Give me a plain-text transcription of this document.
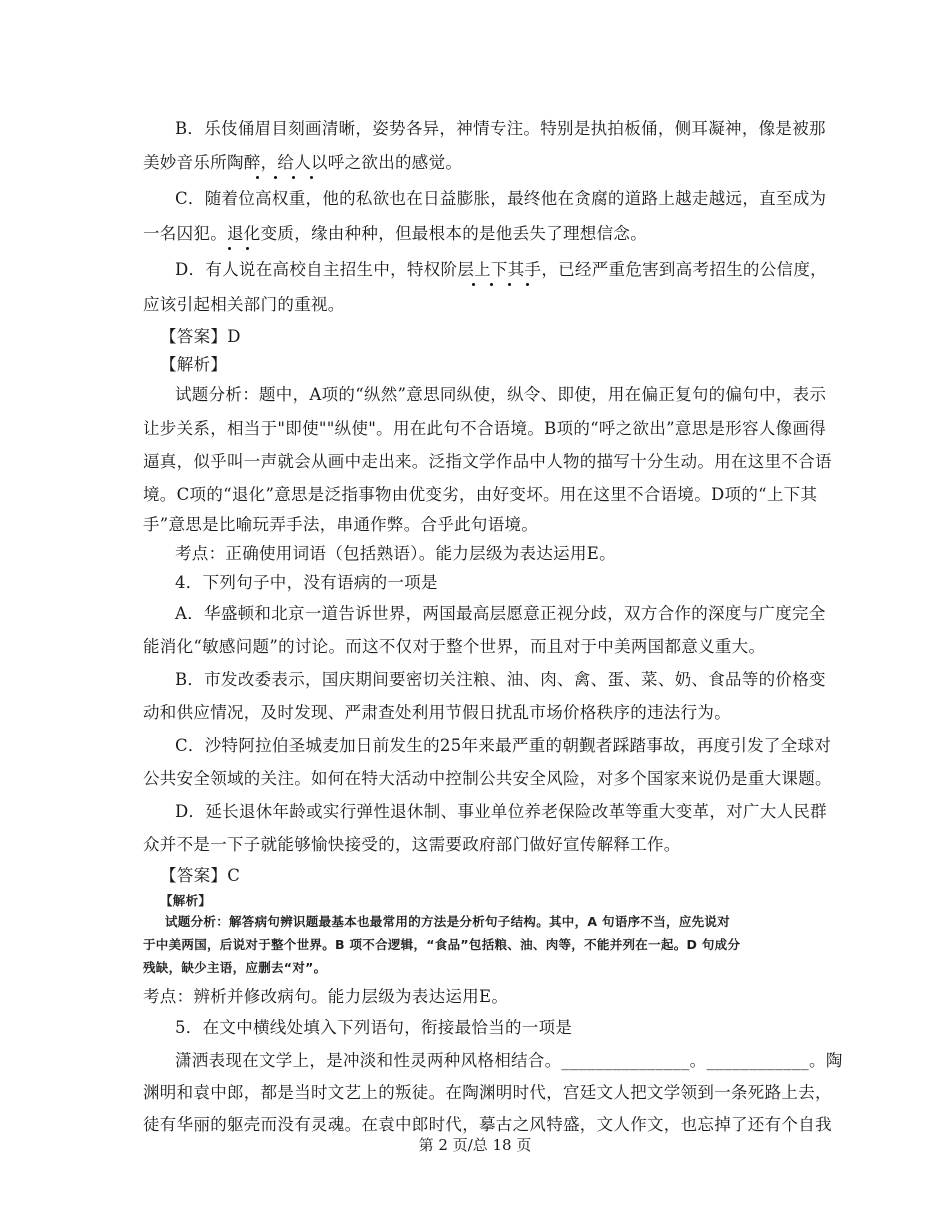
B．乐伎俑眉目刻画清晰，姿势各异，神情专注。特别是执拍板俑，侧耳凝神，像是被那
美妙音乐所陶醉，给人以呼之欲出的感觉。
C．随着位高权重，他的私欲也在日益膨胀，最终他在贪腐的道路上越走越远，直至成为
一名囚犯。退化变质，缘由种种，但最根本的是他丢失了理想信念。
D．有人说在高校自主招生中，特权阶层上下其手，已经严重危害到高考招生的公信度，
应该引起相关部门的重视。
【答案】D
【解析】
试题分析：题中，A项的“纵然”意思同纵使，纵令、即使，用在偏正复句的偏句中，表示
让步关系，相当于"即使""纵使"。用在此句不合语境。B项的“呼之欲出”意思是形容人像画得
逼真，似乎叫一声就会从画中走出来。泛指文学作品中人物的描写十分生动。用在这里不合语
境。C项的“退化”意思是泛指事物由优变劣，由好变坏。用在这里不合语境。D项的“上下其
手”意思是比喻玩弄手法，串通作弊。合乎此句语境。
考点：正确使用词语（包括熟语）。能力层级为表达运用E。
4．下列句子中，没有语病的一项是
A．华盛顿和北京一道告诉世界，两国最高层愿意正视分歧，双方合作的深度与广度完全
能消化“敏感问题”的讨论。而这不仅对于整个世界，而且对于中美两国都意义重大。
B．市发改委表示，国庆期间要密切关注粮、油、肉、禽、蛋、菜、奶、食品等的价格变
动和供应情况，及时发现、严肃查处利用节假日扰乱市场价格秩序的违法行为。
C．沙特阿拉伯圣城麦加日前发生的25年来最严重的朝觐者踩踏事故，再度引发了全球对
公共安全领域的关注。如何在特大活动中控制公共安全风险，对多个国家来说仍是重大课题。
D．延长退休年龄或实行弹性退休制、事业单位养老保险改革等重大变革，对广大人民群
众并不是一下子就能够愉快接受的，这需要政府部门做好宣传解释工作。
【答案】C
【解析】
试题分析：解答病句辨识题最基本也最常用的方法是分析句子结构。其中，A 句语序不当，应先说对
于中美两国，后说对于整个世界。B 项不合逻辑，“食品”包括粮、油、肉等，不能并列在一起。D 句成分
残缺，缺少主语，应删去“对”。
考点：辨析并修改病句。能力层级为表达运用E。
5．在文中横线处填入下列语句，衔接最恰当的一项是
潇洒表现在文学上，是冲淡和性灵两种风格相结合。_______________。____________。陶
渊明和袁中郎，都是当时文艺上的叛徒。在陶渊明时代，宫廷文人把文学领到一条死路上去，
徒有华丽的躯壳而没有灵魂。在袁中郎时代，摹古之风特盛，文人作文，也忘掉了还有个自我
第 2 页/总 18 页
